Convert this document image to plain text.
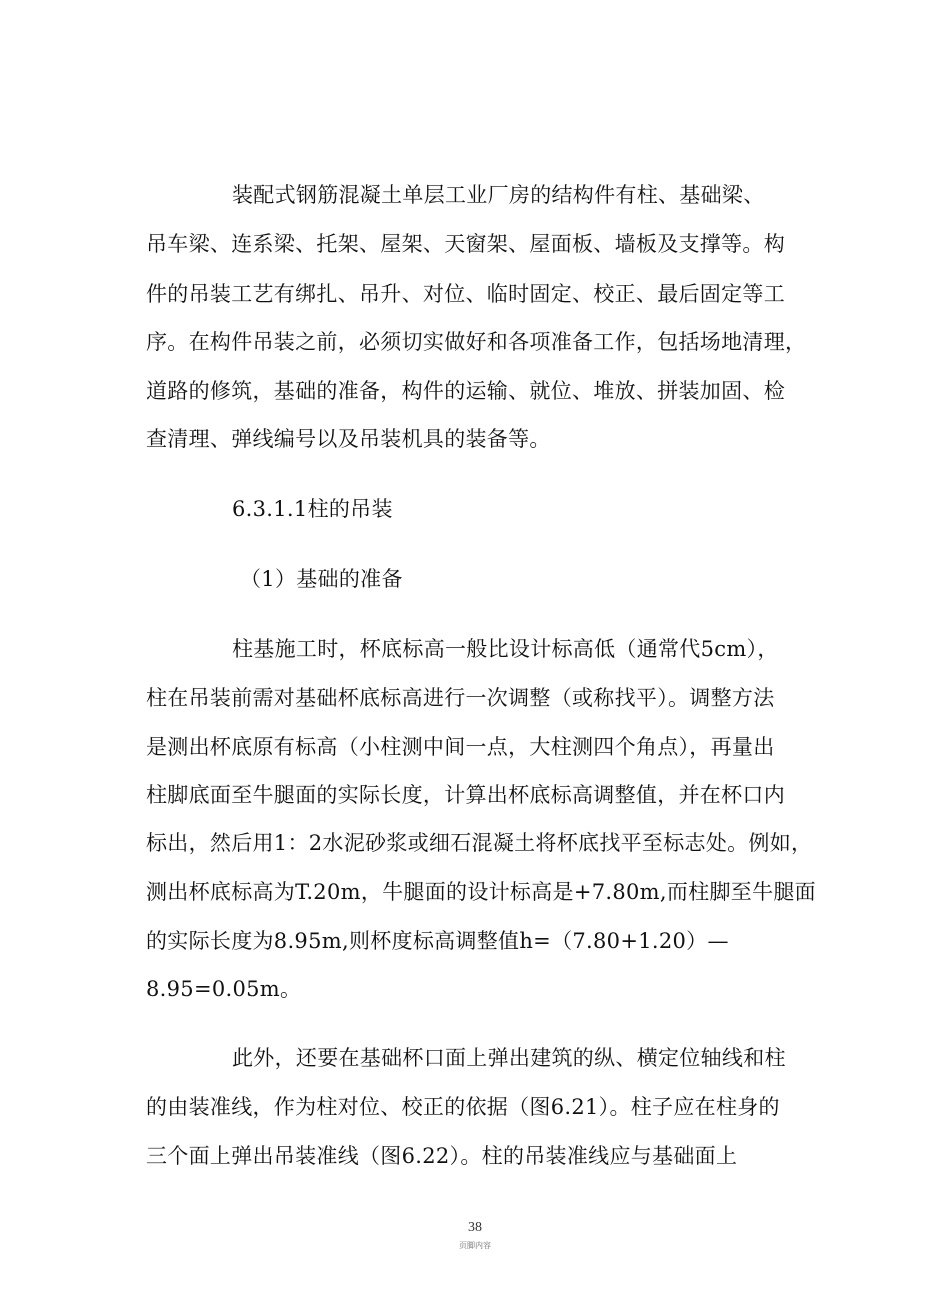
装配式钢筋混凝土单层工业厂房的结构件有柱、基础梁、
吊车梁、连系梁、托架、屋架、天窗架、屋面板、墙板及支撑等。构
件的吊装工艺有绑扎、吊升、对位、临时固定、校正、最后固定等工
序。在构件吊装之前，必须切实做好和各项准备工作，包括场地清理，
道路的修筑，基础的准备，构件的运输、就位、堆放、拼装加固、检
查清理、弹线编号以及吊装机具的装备等。
6.3.1.1柱的吊装
（1）基础的准备
柱基施工时，杯底标高一般比设计标高低（通常代5cm），
柱在吊装前需对基础杯底标高进行一次调整（或称找平）。调整方法
是测出杯底原有标高（小柱测中间一点，大柱测四个角点），再量出
柱脚底面至牛腿面的实际长度，计算出杯底标高调整值，并在杯口内
标出，然后用1：2水泥砂浆或细石混凝土将杯底找平至标志处。例如，
测出杯底标高为T.20m，牛腿面的设计标高是+7.80m,而柱脚至牛腿面
的实际长度为8.95m,则杯度标高调整值h=（7.80+1.20）—
8.95=0.05m。
此外，还要在基础杯口面上弹出建筑的纵、横定位轴线和柱
的由装准线，作为柱对位、校正的依据（图6.21）。柱子应在柱身的
三个面上弹出吊装准线（图6.22）。柱的吊装准线应与基础面上
38
页脚内容
